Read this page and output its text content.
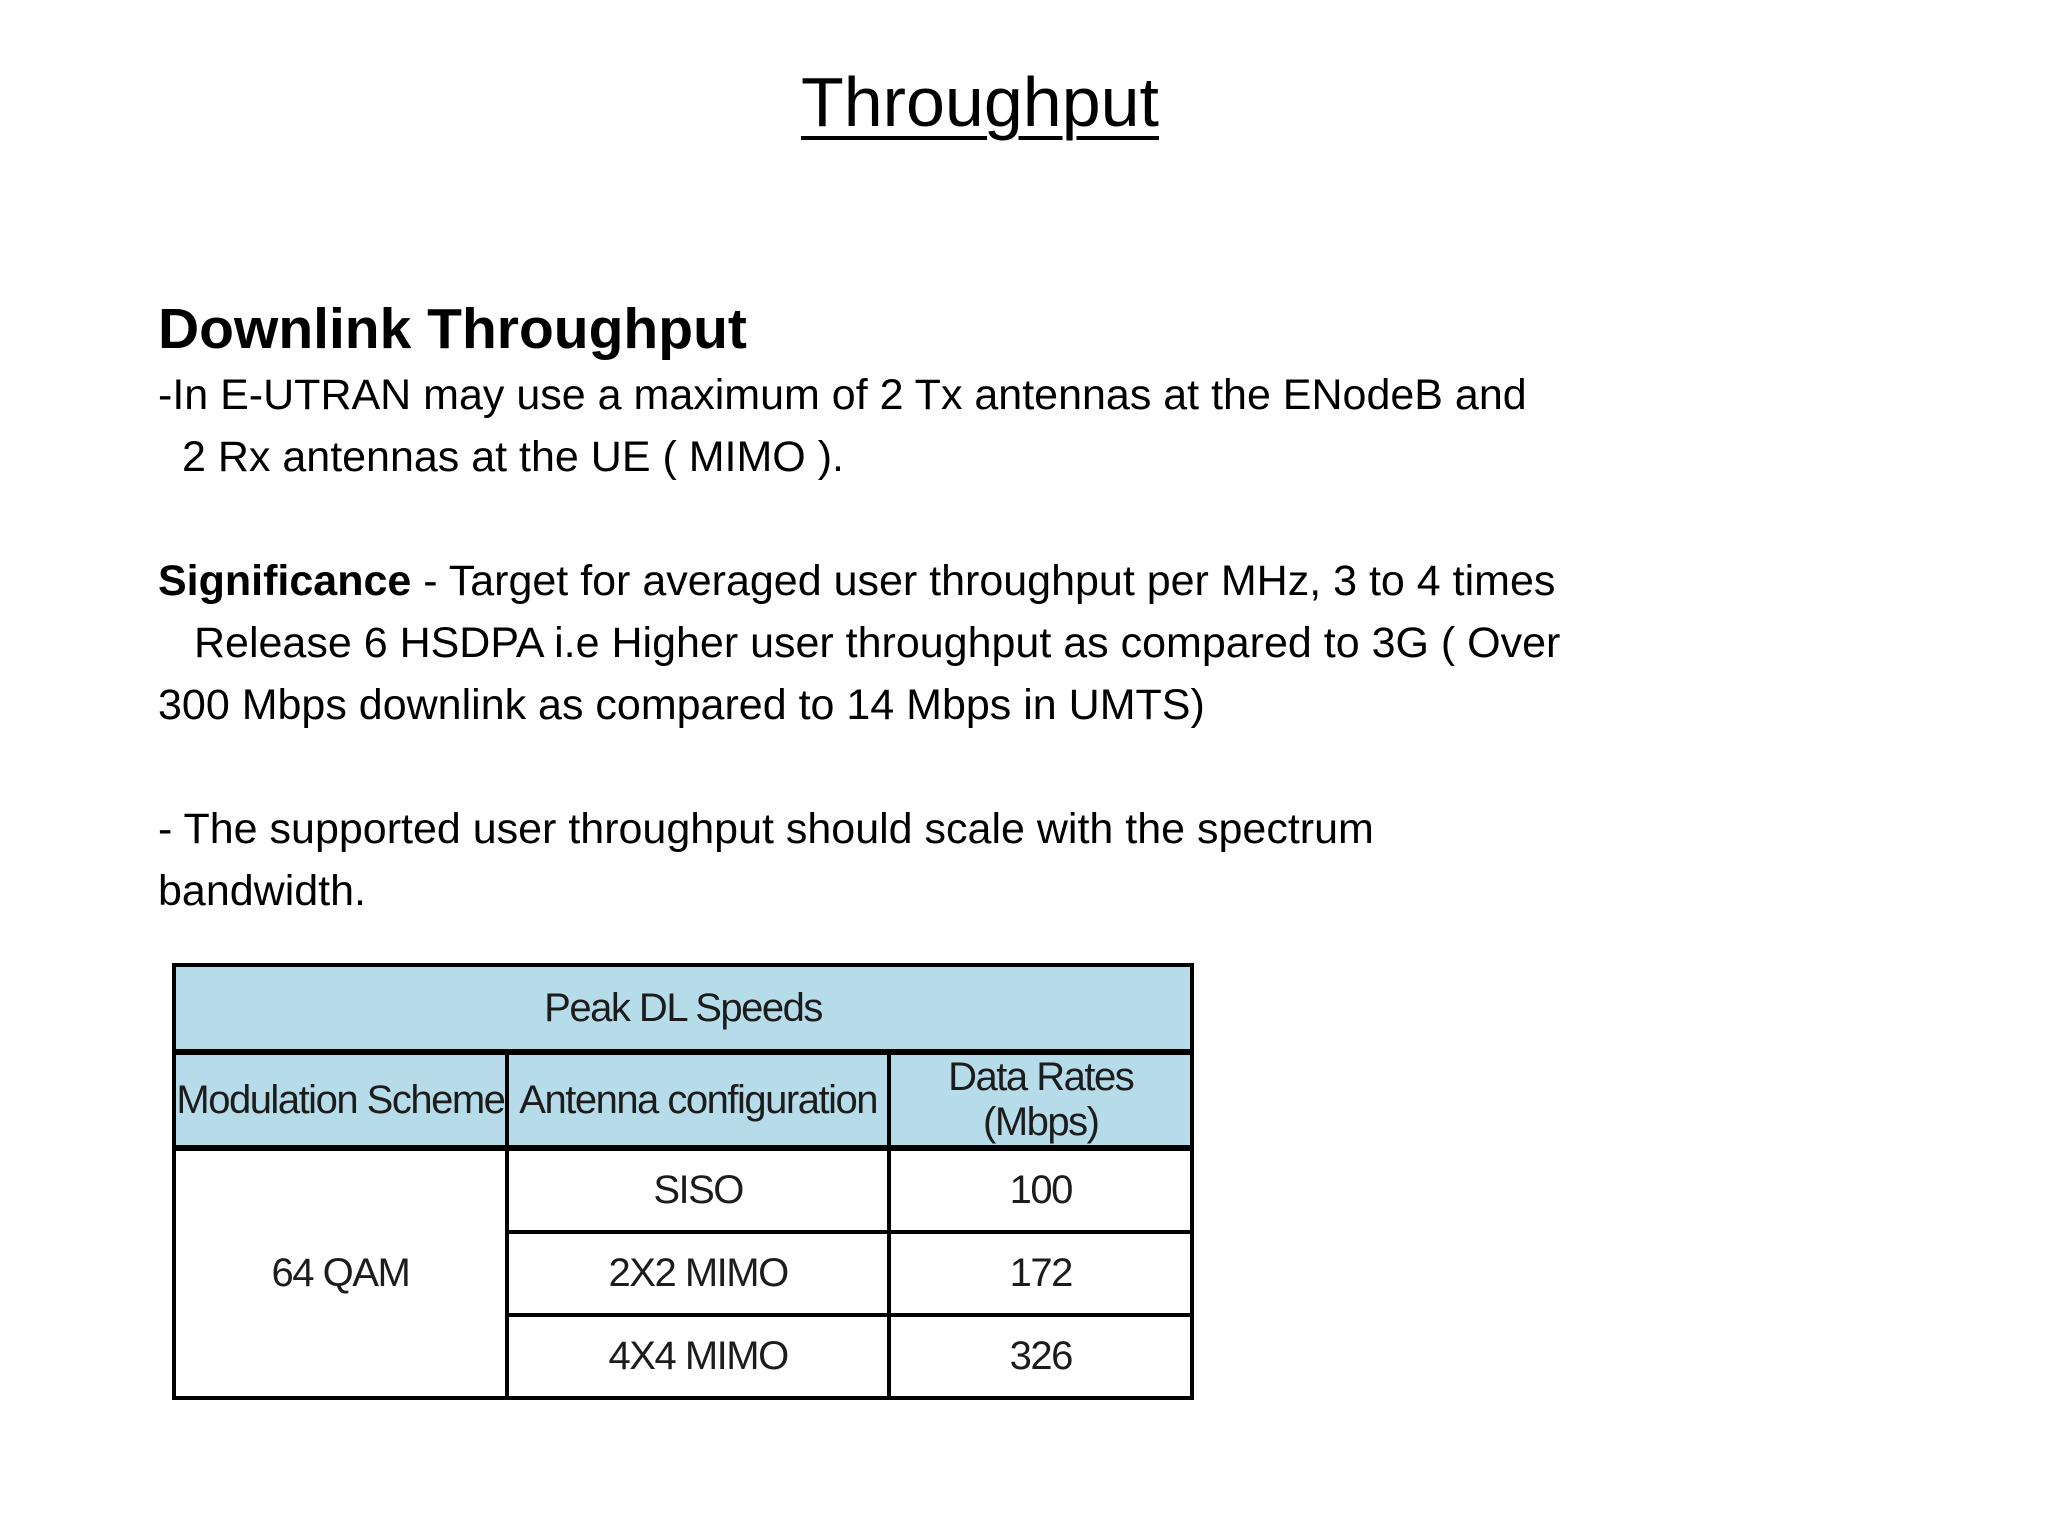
Throughput
Downlink Throughput

-In E-UTRAN may use a maximum of 2 Tx antennas at the ENodeB and

2 Rx antennas at the UE ( MIMO ).

Significance - Target for averaged user throughput per MHz, 3 to 4 times

Release 6 HSDPA i.e Higher user throughput as compared to 3G ( Over

300 Mbps downlink as compared to 14 Mbps in UMTS)

- The supported user throughput should scale with the spectrum

bandwidth.

Peak DL Speeds		
Modulation Scheme	Antenna configuration	Data Rates (Mbps)
64 QAM	SISO	100
	2X2 MIMO	172
	4X4 MIMO	326
